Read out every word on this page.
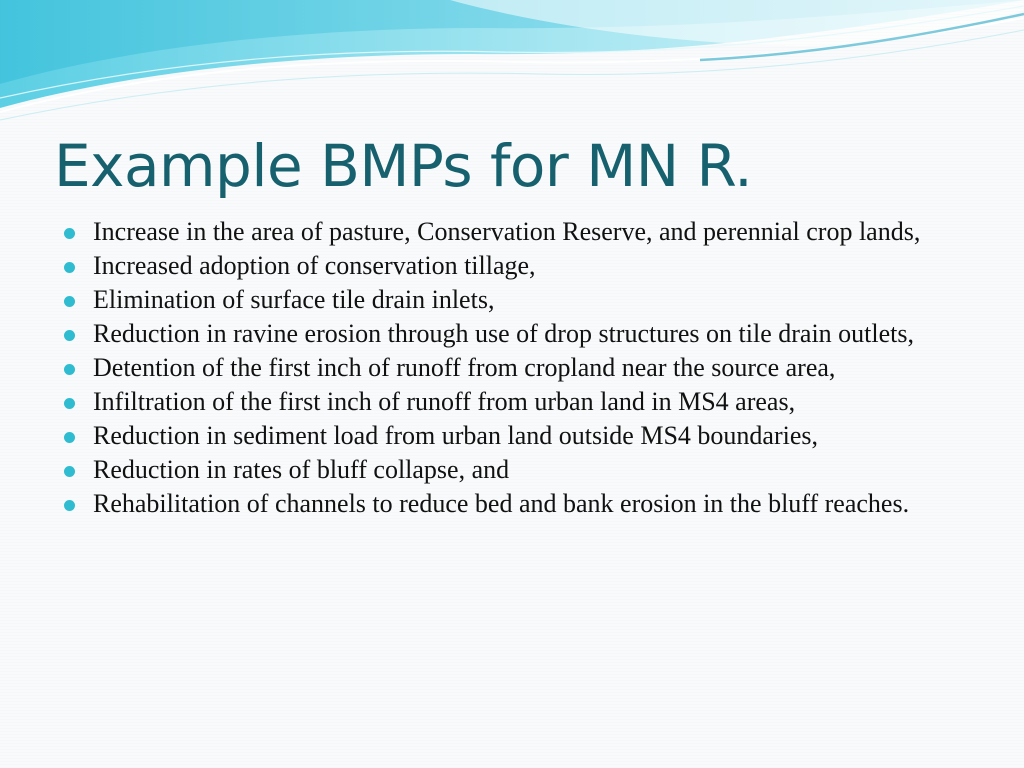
Example BMPs for MN R.
Increase in the area of pasture, Conservation Reserve, and perennial crop lands,
Increased adoption of conservation tillage,
Elimination of surface tile drain inlets,
Reduction in ravine erosion through use of drop structures on tile drain outlets,
Detention of the first inch of runoff from cropland near the source area,
Infiltration of the first inch of runoff from urban land in MS4 areas,
Reduction in sediment load from urban land outside MS4 boundaries,
Reduction in rates of bluff collapse, and
Rehabilitation of channels to reduce bed and bank erosion in the bluff reaches.
